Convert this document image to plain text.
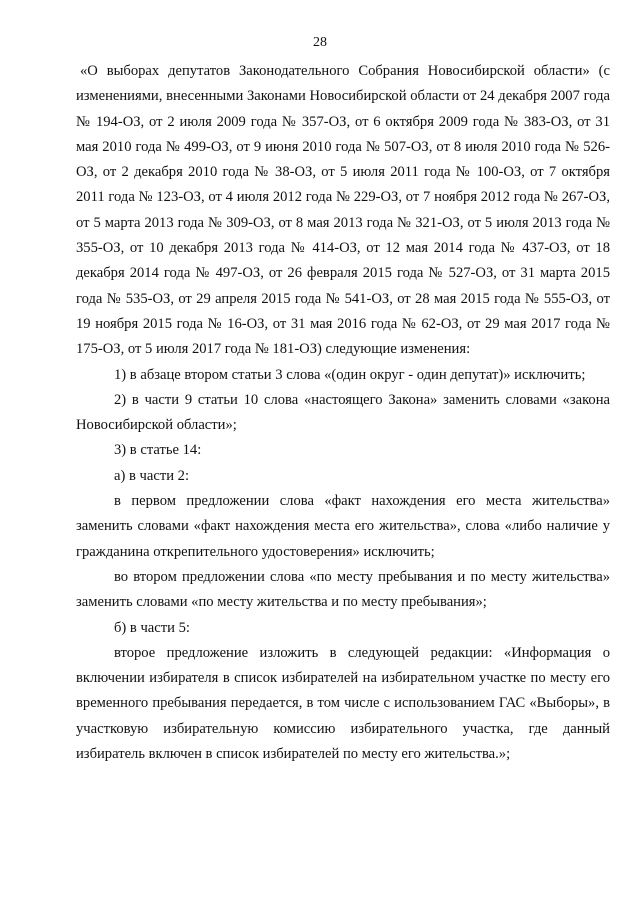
28

«О выборах депутатов Законодательного Собрания Новосибирской области» (с изменениями, внесенными Законами Новосибирской области от 24 декабря 2007 года № 194-ОЗ, от 2 июля 2009 года № 357-ОЗ, от 6 октября 2009 года № 383-ОЗ, от 31 мая 2010 года № 499-ОЗ, от 9 июня 2010 года № 507-ОЗ, от 8 июля 2010 года № 526-ОЗ, от 2 декабря 2010 года № 38-ОЗ, от 5 июля 2011 года № 100-ОЗ, от 7 октября 2011 года № 123-ОЗ, от 4 июля 2012 года № 229-ОЗ, от 7 ноября 2012 года № 267-ОЗ, от 5 марта 2013 года № 309-ОЗ, от 8 мая 2013 года № 321-ОЗ, от 5 июля 2013 года № 355-ОЗ, от 10 декабря 2013 года № 414-ОЗ, от 12 мая 2014 года № 437-ОЗ, от 18 декабря 2014 года № 497-ОЗ, от 26 февраля 2015 года № 527-ОЗ, от 31 марта 2015 года № 535-ОЗ, от 29 апреля 2015 года № 541-ОЗ, от 28 мая 2015 года № 555-ОЗ, от 19 ноября 2015 года № 16-ОЗ, от 31 мая 2016 года № 62-ОЗ, от 29 мая 2017 года № 175-ОЗ, от 5 июля 2017 года № 181-ОЗ) следующие изменения:

1) в абзаце втором статьи 3 слова «(один округ - один депутат)» исключить;

2) в части 9 статьи 10 слова «настоящего Закона» заменить словами «закона Новосибирской области»;

3) в статье 14:

а) в части 2:

в первом предложении слова «факт нахождения его места жительства» заменить словами «факт нахождения места его жительства», слова «либо наличие у гражданина открепительного удостоверения» исключить;

во втором предложении слова «по месту пребывания и по месту жительства» заменить словами «по месту жительства и по месту пребывания»;

б) в части 5:

второе предложение изложить в следующей редакции: «Информация о включении избирателя в список избирателей на избирательном участке по месту его временного пребывания передается, в том числе с использованием ГАС «Выборы», в участковую избирательную комиссию избирательного участка, где данный избиратель включен в список избирателей по месту его жительства.»;
